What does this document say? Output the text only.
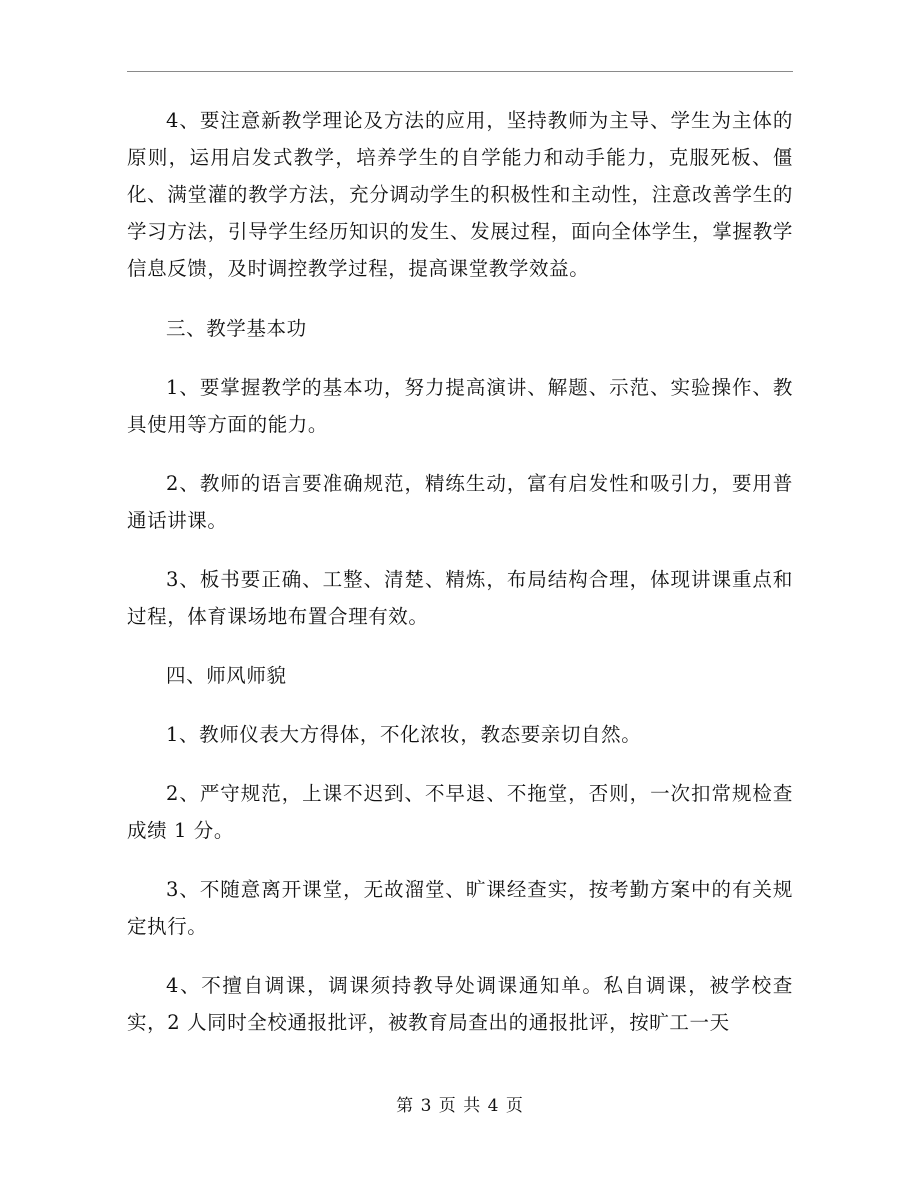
4、要注意新教学理论及方法的应用，坚持教师为主导、学生为主体的原则，运用启发式教学，培养学生的自学能力和动手能力，克服死板、僵化、满堂灌的教学方法，充分调动学生的积极性和主动性，注意改善学生的学习方法，引导学生经历知识的发生、发展过程，面向全体学生，掌握教学信息反馈，及时调控教学过程，提高课堂教学效益。

三、教学基本功

1、要掌握教学的基本功，努力提高演讲、解题、示范、实验操作、教具使用等方面的能力。

2、教师的语言要准确规范，精练生动，富有启发性和吸引力，要用普通话讲课。

3、板书要正确、工整、清楚、精炼，布局结构合理，体现讲课重点和过程，体育课场地布置合理有效。

四、师风师貌

1、教师仪表大方得体，不化浓妆，教态要亲切自然。

2、严守规范，上课不迟到、不早退、不拖堂，否则，一次扣常规检查成绩 1 分。

3、不随意离开课堂，无故溜堂、旷课经查实，按考勤方案中的有关规定执行。

4、不擅自调课，调课须持教导处调课通知单。私自调课，被学校查实，2 人同时全校通报批评，被教育局查出的通报批评，按旷工一天

第 3 页 共 4 页
